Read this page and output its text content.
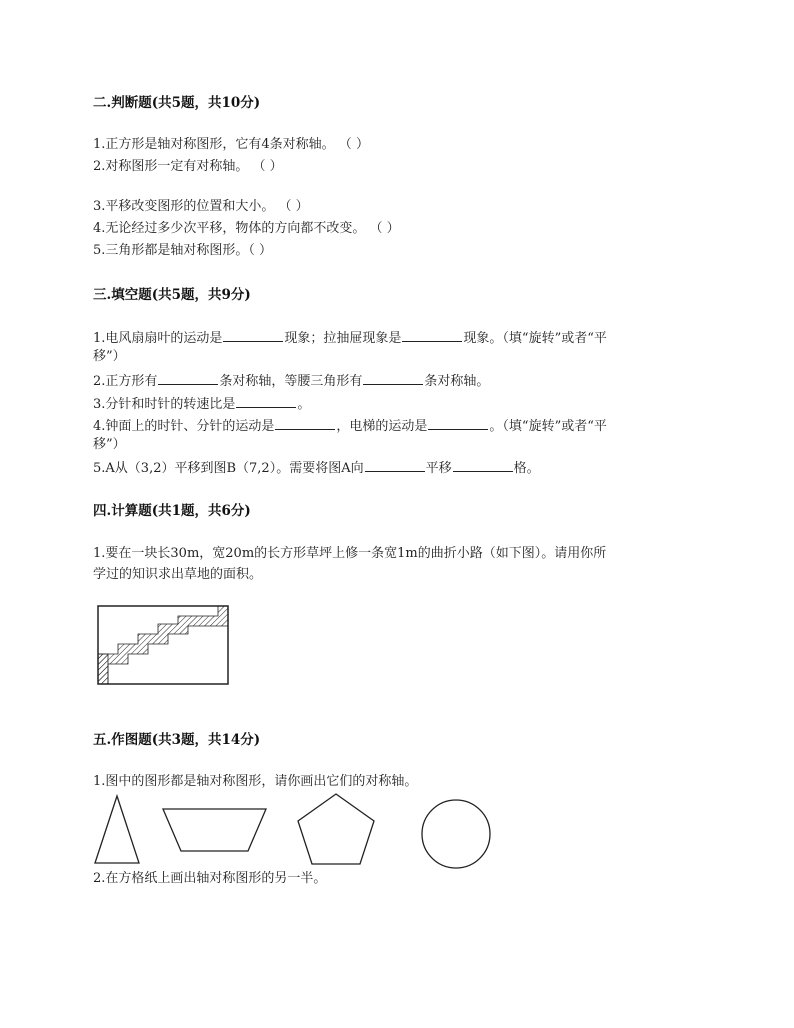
二.判断题(共5题，共10分)
1.正方形是轴对称图形，它有4条对称轴。 （ ）
2.对称图形一定有对称轴。 （ ）
3.平移改变图形的位置和大小。 （ ）
4.无论经过多少次平移，物体的方向都不改变。 （ ）
5.三角形都是轴对称图形。（ ）
三.填空题(共5题，共9分)
1.电风扇扇叶的运动是	现象；拉抽屉现象是	现象。（填“旋转”或者“平
移”）
2.正方形有	条对称轴，等腰三角形有	条对称轴。
3.分针和时针的转速比是	。
4.钟面上的时针、分针的运动是	，电梯的运动是	。（填“旋转”或者“平
移”）
5.A从（3,2）平移到图B（7,2）。需要将图A向	平移	格。
四.计算题(共1题，共6分)
1.要在一块长30m，宽20m的长方形草坪上修一条宽1m的曲折小路（如下图）。请用你所
学过的知识求出草地的面积。
五.作图题(共3题，共14分)
1.图中的图形都是轴对称图形，请你画出它们的对称轴。
2.在方格纸上画出轴对称图形的另一半。
